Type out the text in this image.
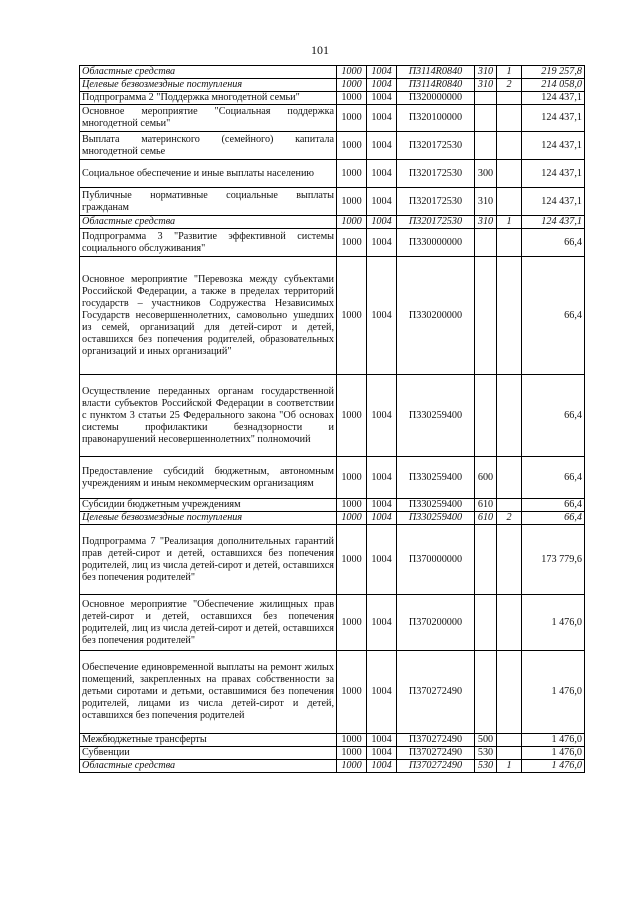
101
Областные средства	1000	1004	П3114R0840	310	1	219 257,8
Целевые безвозмездные поступления	1000	1004	П3114R0840	310	2	214 058,0
Подпрограмма 2 "Поддержка многодетной семьи"	1000	1004	П320000000			124 437,1
Основное мероприятие "Социальная поддержка многодетной семьи"	1000	1004	П320100000			124 437,1
Выплата материнского (семейного) капитала многодетной семье	1000	1004	П320172530			124 437,1
Социальное обеспечение и иные выплаты населению	1000	1004	П320172530	300		124 437,1
Публичные нормативные социальные выплаты гражданам	1000	1004	П320172530	310		124 437,1
Областные средства	1000	1004	П320172530	310	1	124 437,1
Подпрограмма 3 "Развитие эффективной системы социального обслуживания"	1000	1004	П330000000			66,4
Основное мероприятие "Перевозка между субъектами Российской Федерации, а также в пределах территорий государств – участников Содружества Независимых Государств несовершеннолетних, самовольно ушедших из семей, организаций для детей-сирот и детей, оставшихся без попечения родителей, образовательных организаций и иных организаций"	1000	1004	П330200000			66,4
Осуществление переданных органам государственной власти субъектов Российской Федерации в соответствии с пунктом 3 статьи 25 Федерального закона "Об основах системы профилактики безнадзорности и правонарушений несовершеннолетних" полномочий	1000	1004	П330259400			66,4
Предоставление субсидий бюджетным, автономным учреждениям и иным некоммерческим организациям	1000	1004	П330259400	600		66,4
Субсидии бюджетным учреждениям	1000	1004	П330259400	610		66,4
Целевые безвозмездные поступления	1000	1004	П330259400	610	2	66,4
Подпрограмма 7 "Реализация дополнительных гарантий прав детей-сирот и детей, оставшихся без попечения родителей, лиц из числа детей-сирот и детей, оставшихся без попечения родителей"	1000	1004	П370000000			173 779,6
Основное мероприятие "Обеспечение жилищных прав детей-сирот и детей, оставшихся без попечения родителей, лиц из числа детей-сирот и детей, оставшихся без попечения родителей"	1000	1004	П370200000			1 476,0
Обеспечение единовременной выплаты на ремонт жилых помещений, закрепленных на правах собственности за детьми сиротами и детьми, оставшимися без попечения родителей, лицами из числа детей-сирот и детей, оставшихся без попечения родителей	1000	1004	П370272490			1 476,0
Межбюджетные трансферты	1000	1004	П370272490	500		1 476,0
Субвенции	1000	1004	П370272490	530		1 476,0
Областные средства	1000	1004	П370272490	530	1	1 476,0
